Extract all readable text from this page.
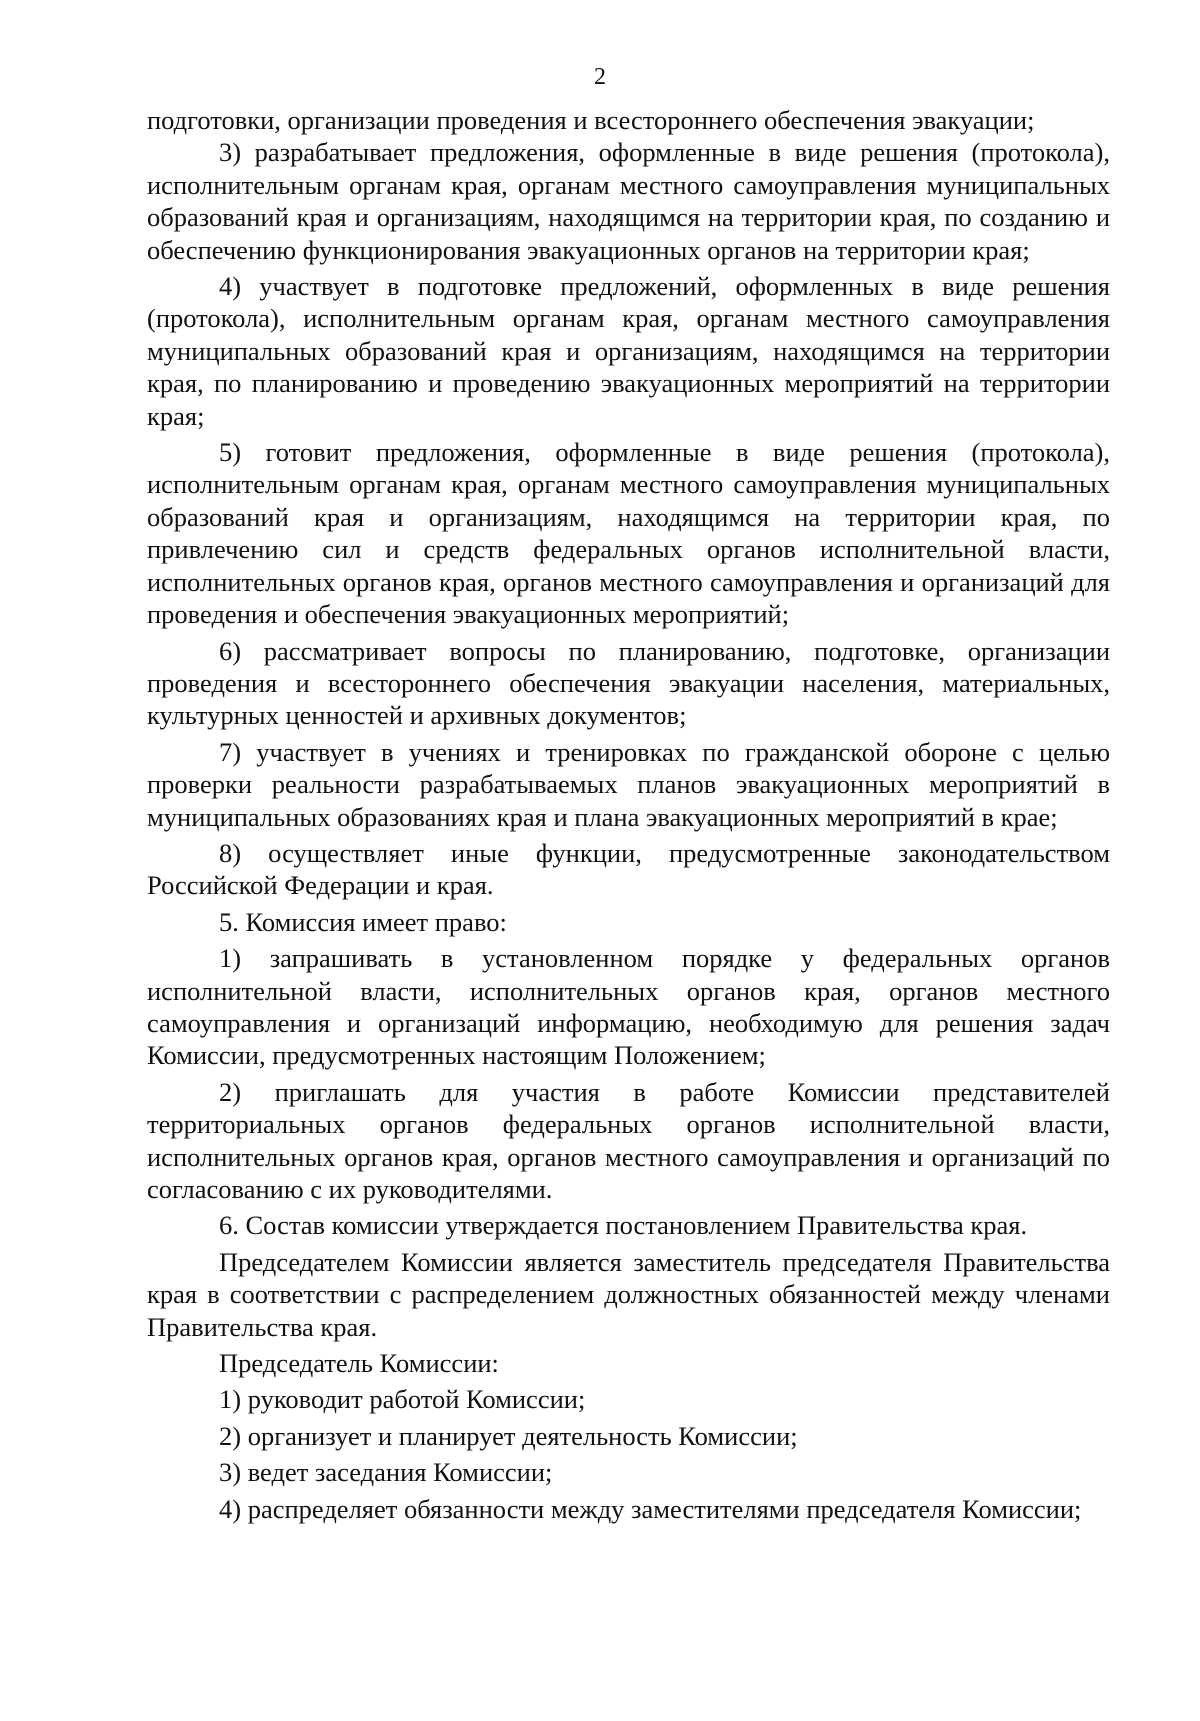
2

подготовки, организации проведения и всестороннего обеспечения эвакуации;

3) разрабатывает предложения, оформленные в виде решения (протокола), исполнительным органам края, органам местного самоуправления муниципальных образований края и организациям, находящимся на территории края, по созданию и обеспечению функционирования эвакуационных органов на территории края;

4) участвует в подготовке предложений, оформленных в виде решения (протокола), исполнительным органам края, органам местного самоуправления муниципальных образований края и организациям, находящимся на территории края, по планированию и проведению эвакуационных мероприятий на территории края;

5) готовит предложения, оформленные в виде решения (протокола), исполнительным органам края, органам местного самоуправления муниципальных образований края и организациям, находящимся на территории края, по привлечению сил и средств федеральных органов исполнительной власти, исполнительных органов края, органов местного самоуправления и организаций для проведения и обеспечения эвакуационных мероприятий;

6) рассматривает вопросы по планированию, подготовке, организации проведения и всестороннего обеспечения эвакуации населения, материальных, культурных ценностей и архивных документов;

7) участвует в учениях и тренировках по гражданской обороне с целью проверки реальности разрабатываемых планов эвакуационных мероприятий в муниципальных образованиях края и плана эвакуационных мероприятий в крае;

8) осуществляет иные функции, предусмотренные законодательством Российской Федерации и края.

5. Комиссия имеет право:

1) запрашивать в установленном порядке у федеральных органов исполнительной власти, исполнительных органов края, органов местного самоуправления и организаций информацию, необходимую для решения задач Комиссии, предусмотренных настоящим Положением;

2) приглашать для участия в работе Комиссии представителей территориальных органов федеральных органов исполнительной власти, исполнительных органов края, органов местного самоуправления и организаций по согласованию с их руководителями.

6. Состав комиссии утверждается постановлением Правительства края.

Председателем Комиссии является заместитель председателя Правительства края в соответствии с распределением должностных обязанностей между членами Правительства края.

Председатель Комиссии:

1) руководит работой Комиссии;

2) организует и планирует деятельность Комиссии;

3) ведет заседания Комиссии;

4) распределяет обязанности между заместителями председателя Комиссии;
